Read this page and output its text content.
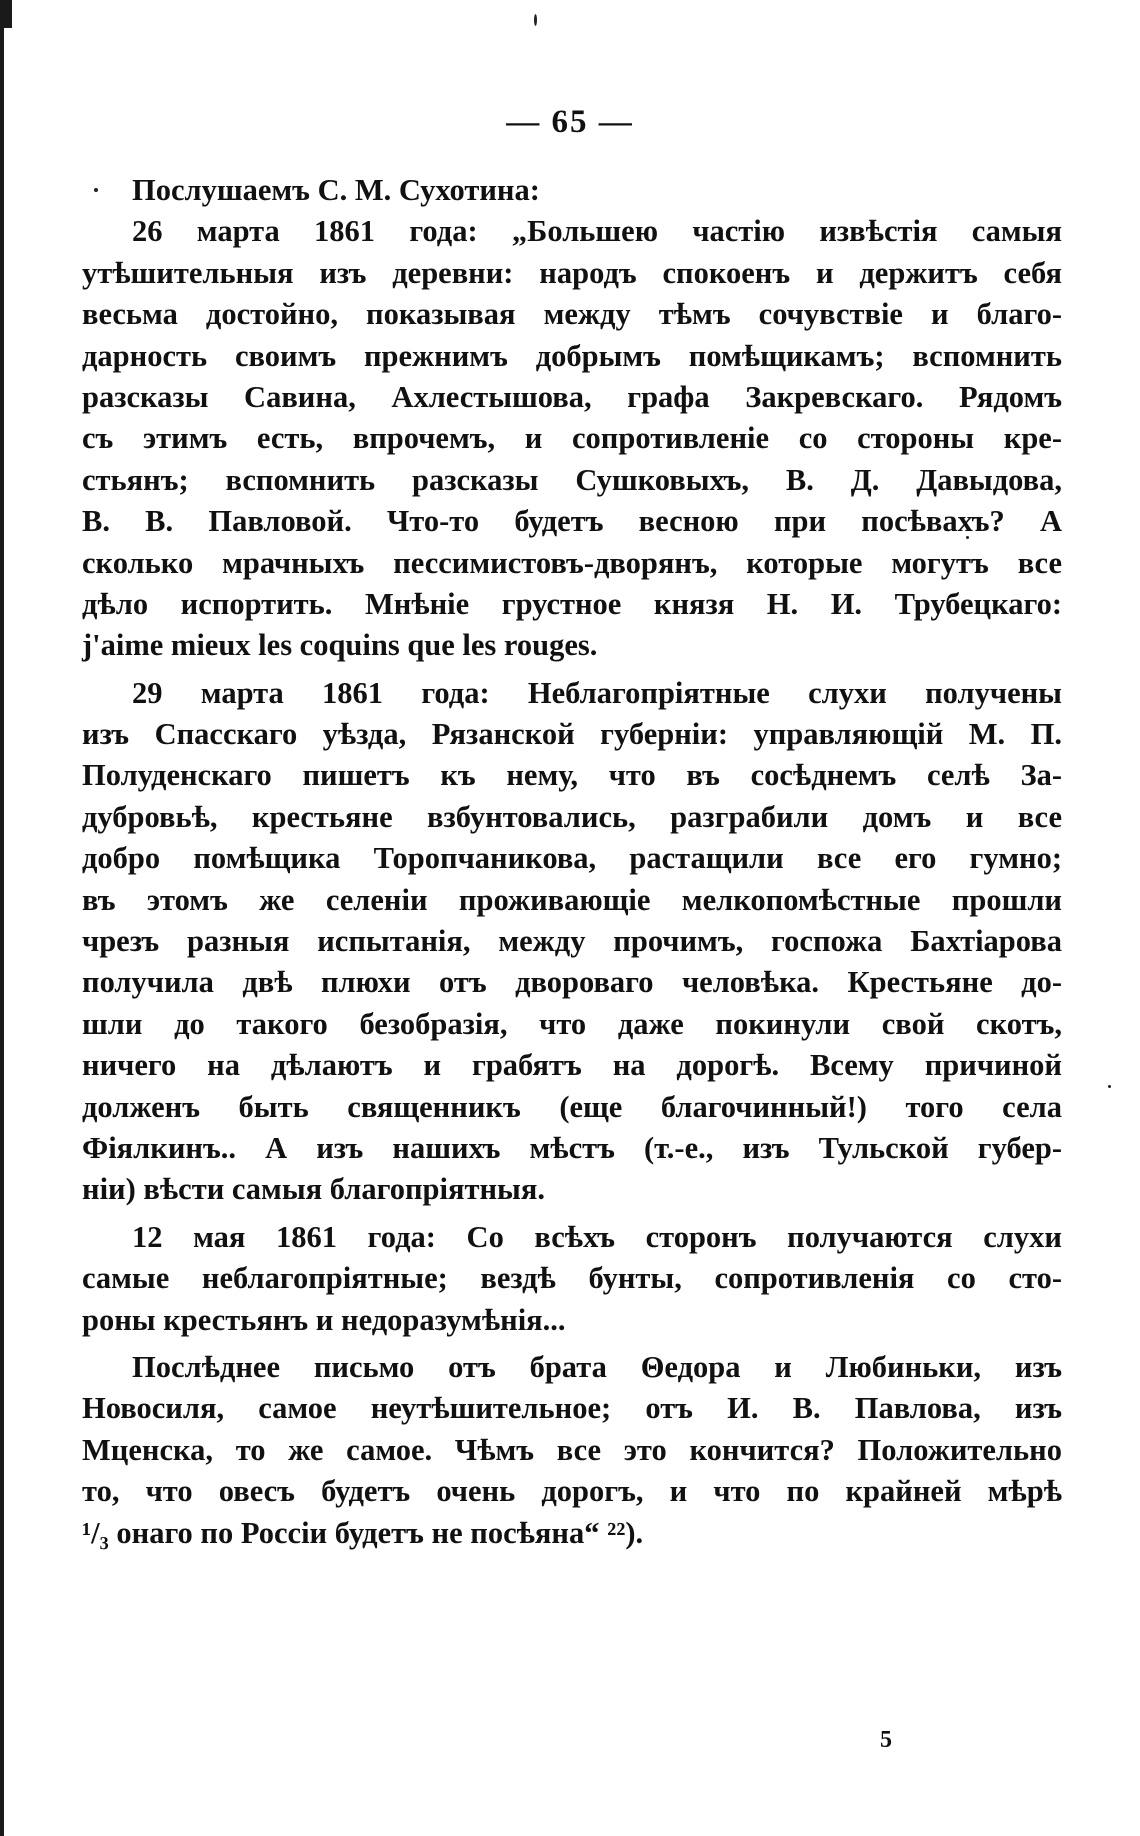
— 65 —
Послушаемъ С. М. Сухотина:
26 марта 1861 года: „Большею частію извѣстія самыя
утѣшительныя изъ деревни: народъ спокоенъ и держитъ себя
весьма достойно, показывая между тѣмъ сочувствіе и благо-
дарность своимъ прежнимъ добрымъ помѣщикамъ; вспомнить
разсказы Савина, Ахлестышова, графа Закревскаго. Рядомъ
съ этимъ есть, впрочемъ, и сопротивленіе со стороны кре-
стьянъ; вспомнить разсказы Сушковыхъ, В. Д. Давыдова,
В. В. Павловой. Что-то будетъ весною при посѣвахъ? А
сколько мрачныхъ пессимистовъ-дворянъ, которые могутъ все
дѣло испортить. Мнѣніе грустное князя Н. И. Трубецкаго:
j'aime mieux les coquins que les rouges.
29 марта 1861 года: Неблагопріятные слухи получены
изъ Спасскаго уѣзда, Рязанской губерніи: управляющій М. П.
Полуденскаго пишетъ къ нему, что въ сосѣднемъ селѣ За-
дубровьѣ, крестьяне взбунтовались, разграбили домъ и все
добро помѣщика Торопчаникова, растащили все его гумно;
въ этомъ же селеніи проживающіе мелкопомѣстные прошли
чрезъ разныя испытанія, между прочимъ, госпожа Бахтіарова
получила двѣ плюхи отъ двороваго человѣка. Крестьяне до-
шли до такого безобразія, что даже покинули свой скотъ,
ничего на дѣлаютъ и грабятъ на дорогѣ. Всему причиной
долженъ быть священникъ (еще благочинный!) того села
Фіялкинъ.. А изъ нашихъ мѣстъ (т.-е., изъ Тульской губер-
ніи) вѣсти самыя благопріятныя.
12 мая 1861 года: Со всѣхъ сторонъ получаются слухи
самые неблагопріятные; вездѣ бунты, сопротивленія со сто-
роны крестьянъ и недоразумѣнія...
Послѣднее письмо отъ брата Θедора и Любиньки, изъ
Новосиля, самое неутѣшительное; отъ И. В. Павлова, изъ
Мценска, то же самое. Чѣмъ все это кончится? Положительно
то, что овесъ будетъ очень дорогъ, и что по крайней мѣрѣ
¹/₃ онаго по Россіи будетъ не посѣяна“ ²²).
5
